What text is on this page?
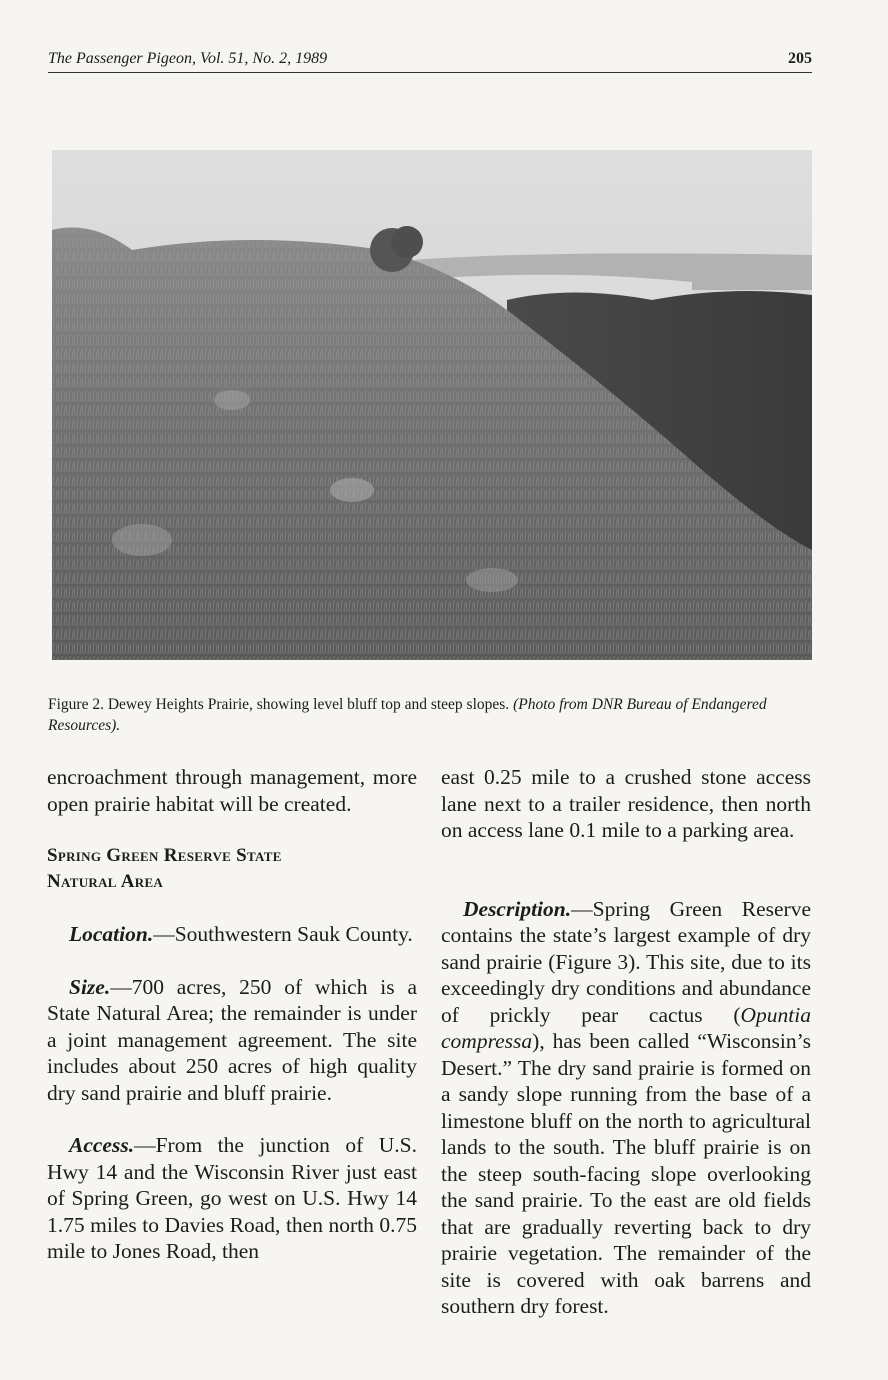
The Passenger Pigeon, Vol. 51, No. 2, 1989	205
Figure 2. Dewey Heights Prairie, showing level bluff top and steep slopes. (Photo from DNR Bureau of Endangered Resources).

encroachment through management, more open prairie habitat will be created.

Spring Green Reserve State

Natural Area

Location.—Southwestern Sauk County.

Size.—700 acres, 250 of which is a State Natural Area; the remainder is under a joint management agreement. The site includes about 250 acres of high quality dry sand prairie and bluff prairie.

Access.—From the junction of U.S. Hwy 14 and the Wisconsin River just east of Spring Green, go west on U.S. Hwy 14 1.75 miles to Davies Road, then north 0.75 mile to Jones Road, then

east 0.25 mile to a crushed stone access lane next to a trailer residence, then north on access lane 0.1 mile to a parking area.

Description.—Spring Green Reserve contains the state’s largest example of dry sand prairie (Figure 3). This site, due to its exceedingly dry conditions and abundance of prickly pear cactus (Opuntia compressa), has been called “Wisconsin’s Desert.” The dry sand prairie is formed on a sandy slope running from the base of a limestone bluff on the north to agricultural lands to the south. The bluff prairie is on the steep south-facing slope overlooking the sand prairie. To the east are old fields that are gradually reverting back to dry prairie vegetation. The remainder of the site is covered with oak barrens and southern dry forest.
